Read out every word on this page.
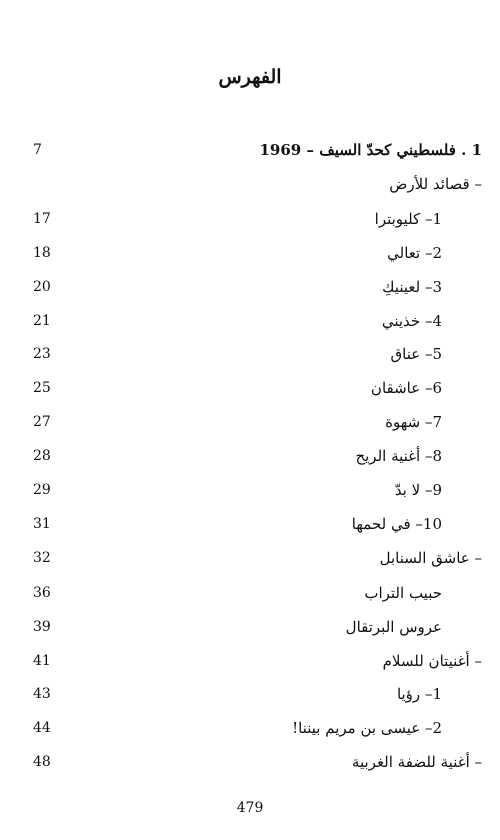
الفهرس
1 . فلسطيني كحدّ السيف – 1969
7
– قصائد للأرض
1– كليوبترا
17
2– تعالي
18
3– لعينيكِ
20
4– خذيني
21
5– عناق
23
6– عاشقان
25
7– شهوة
27
8– أغنية الريح
28
9– لا بدّ
29
10– في لحمها
31
– عاشق السنابل
32
حبيب التراب
36
عروس البرتقال
39
– أغنيتان للسلام
41
1– رؤيا
43
2– عيسى بن مريم بيننا!
44
– أغنية للضفة الغربية
48
479
